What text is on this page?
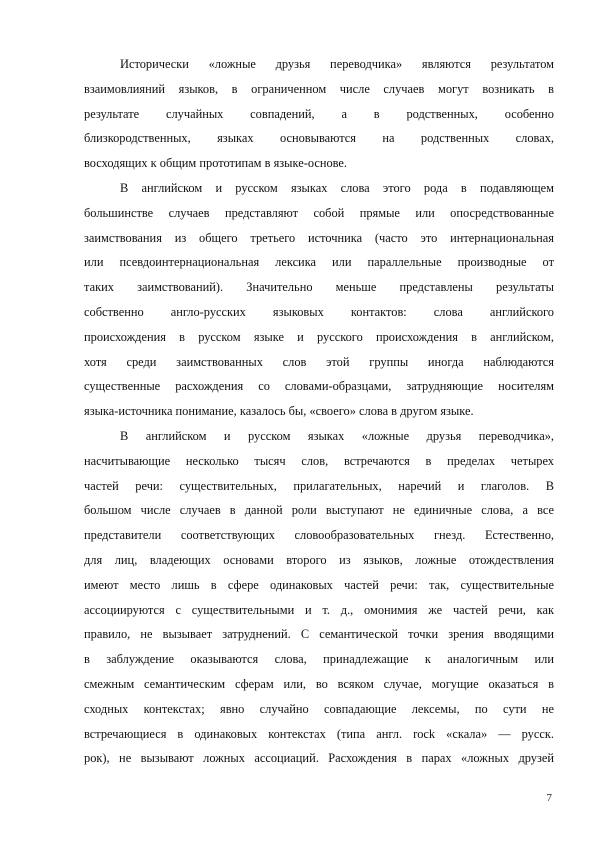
Исторически «ложные друзья переводчика» являются результатом
взаимовлияний языков, в ограниченном числе случаев могут возникать в
результате случайных совпадений, а в родственных, особенно
близкородственных, языках основываются на родственных словах,
восходящих к общим прототипам в языке-основе.
В английском и русском языках слова этого рода в подавляющем
большинстве случаев представляют собой прямые или опосредствованные
заимствования из общего третьего источника (часто это интернациональная
или псевдоинтернациональная лексика или параллельные производные от
таких заимствований). Значительно меньше представлены результаты
собственно англо-русских языковых контактов: слова английского
происхождения в русском языке и русского происхождения в английском,
хотя среди заимствованных слов этой группы иногда наблюдаются
существенные расхождения со словами-образцами, затрудняющие носителям
языка-источника понимание, казалось бы, «своего» слова в другом языке.
В английском и русском языках «ложные друзья переводчика»,
насчитывающие несколько тысяч слов, встречаются в пределах четырех
частей речи: существительных, прилагательных, наречий и глаголов. В
большом числе случаев в данной роли выступают не единичные слова, а все
представители соответствующих словообразовательных гнезд. Естественно,
для лиц, владеющих основами второго из языков, ложные отождествления
имеют место лишь в сфере одинаковых частей речи: так, существительные
ассоциируются с существительными и т. д., омонимия же частей речи, как
правило, не вызывает затруднений. С семантической точки зрения вводящими
в заблуждение оказываются слова, принадлежащие к аналогичным или
смежным семантическим сферам или, во всяком случае, могущие оказаться в
сходных контекстах; явно случайно совпадающие лексемы, по сути не
встречающиеся в одинаковых контекстах (типа англ. rock «скала» — русск.
рок), не вызывают ложных ассоциаций. Расхождения в парах «ложных друзей
7
